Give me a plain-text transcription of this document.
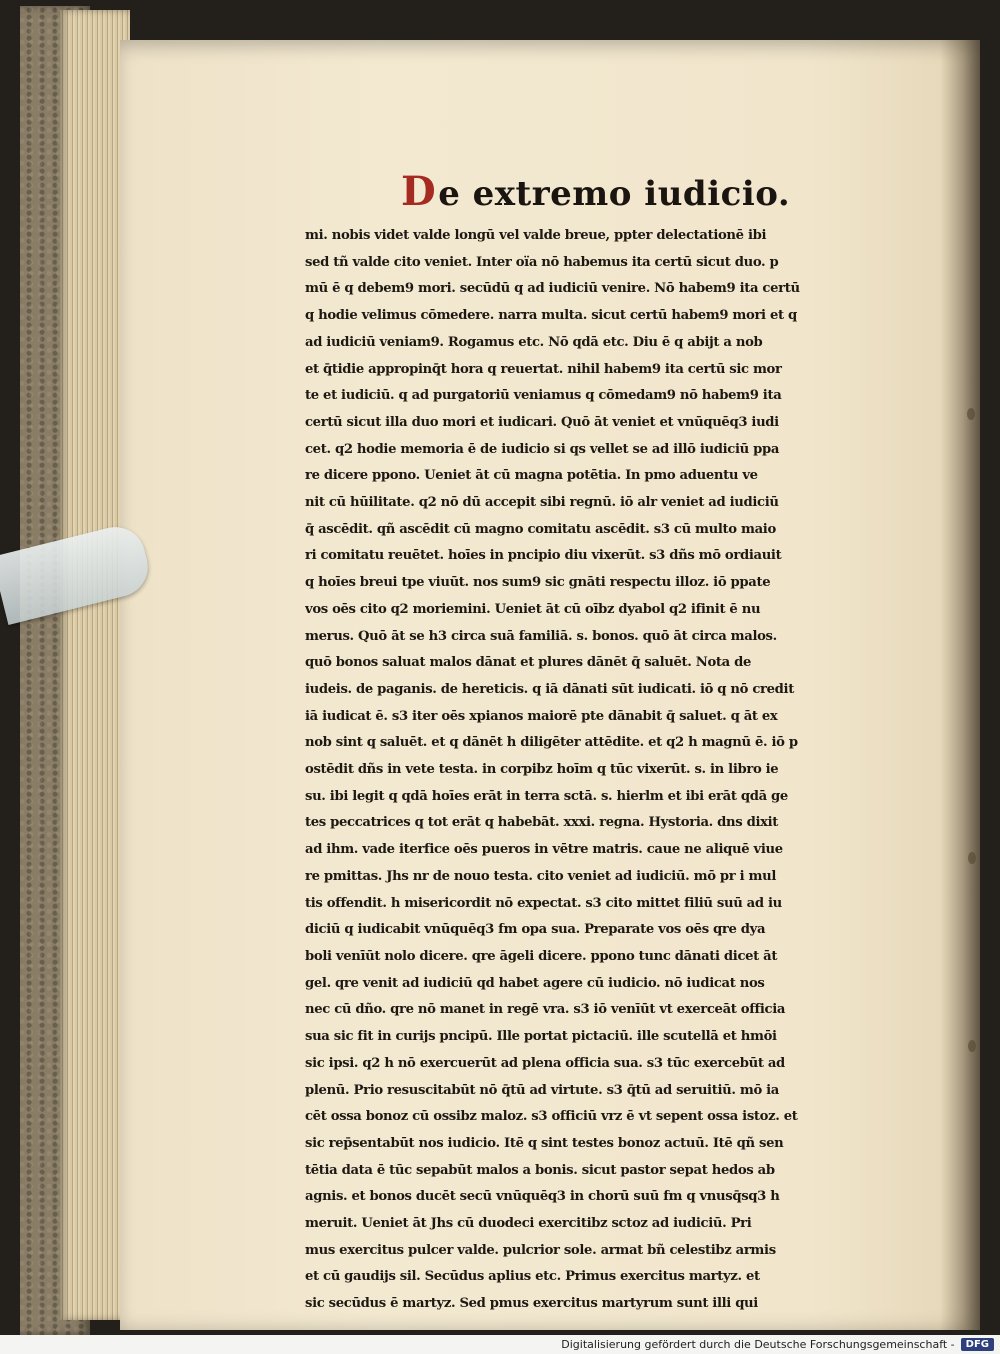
D e extremo iudicio.
mi. nobis videt valde longū vel valde breue, ppter delectationē ibi
sed tñ valde cito veniet. Inter oïa nō habemus ita certū sicut duo. p
mū ē q debem9 mori. secūdū q ad iudiciū venire. Nō habem9 ita certū
q hodie velimus cōmedere. narra multa. sicut certū habem9 mori et q
ad iudiciū veniam9. Rogamus etc. Nō qdā etc. Diu ē q abijt a nob
et q̄tidie appropinq̄t hora q reuertat. nihil habem9 ita certū sic mor
te et iudiciū. q ad purgatoriū veniamus q cōmedam9 nō habem9 ita
certū sicut illa duo mori et iudicari. Quō āt veniet et vnūquēq3 iudi
cet. q2 hodie memoria ē de iudicio si qs vellet se ad illō iudiciū ppa
re dicere ppono. Ueniet āt cū magna potētia. In pmo aduentu ve
nit cū hūilitate. q2 nō dū accepit sibi regnū. iō alr veniet ad iudiciū
q̄ ascēdit. qñ ascēdit cū magno comitatu ascēdit. s3 cū multo maio
ri comitatu reuētet. hoīes in pncipio diu vixerūt. s3 dñs mō ordiauit
q hoīes breui tpe viuūt. nos sum9 sic gnāti respectu illoz. iō ppate
vos oēs cito q2 moriemini. Ueniet āt cū oībz dyabol q2 ifinit ē nu
merus. Quō āt se h3 circa suā familiā. s. bonos. quō āt circa malos.
quō bonos saluat malos dānat et plures dānēt q̄ saluēt. Nota de
iudeis. de paganis. de hereticis. q iā dānati sūt iudicati. iō q nō credit
iā iudicat ē. s3 iter oēs xpianos maiorē pte dānabit q̄ saluet. q āt ex
nob sint q saluēt. et q dānēt h diligēter attēdite. et q2 h magnū ē. iō p
ostēdit dñs in vete testa. in corpibz hoīm q tūc vixerūt. s. in libro ie
su. ibi legit q qdā hoīes erāt in terra sctā. s. hierlm et ibi erāt qdā ge
tes peccatrices q tot erāt q habebāt. xxxi. regna. Hystoria. dns dixit
ad ihm. vade iterfice oēs pueros in vētre matris. caue ne aliquē viue
re pmittas. Jhs nr de nouo testa. cito veniet ad iudiciū. mō pr i mul
tis offendit. h misericordit nō expectat. s3 cito mittet filiū suū ad iu
diciū q iudicabit vnūquēq3 fm opa sua. Preparate vos oēs qre dya
boli venīūt nolo dicere. qre āgeli dicere. ppono tunc dānati dicet āt
gel. qre venit ad iudiciū qd habet agere cū iudicio. nō iudicat nos
nec cū dño. qre nō manet in regē vra. s3 iō venīūt vt exerceāt officia
sua sic fit in curijs pncipū. Ille portat pictaciū. ille scutellā et hmōi
sic ipsi. q2 h nō exercuerūt ad plena officia sua. s3 tūc exercebūt ad
plenū. Prio resuscitabūt nō q̄tū ad virtute. s3 q̄tū ad seruitiū. mō ia
cēt ossa bonoz cū ossibz maloz. s3 officiū vrz ē vt sepent ossa istoz. et
sic rep̄sentabūt nos iudicio. Itē q sint testes bonoz actuū. Itē qñ sen
tētia data ē tūc sepabūt malos a bonis. sicut pastor sepat hedos ab
agnis. et bonos ducēt secū vnūquēq3 in chorū suū fm q vnusq̄sq3 h
meruit. Ueniet āt Jhs cū duodeci exercitibz sctoz ad iudiciū. Pri
mus exercitus pulcer valde. pulcrior sole. armat bñ celestibz armis
et cū gaudijs sil. Secūdus aplius etc. Primus exercitus martyz. et
sic secūdus ē martyz. Sed pmus exercitus martyrum sunt illi qui
Digitalisierung gefördert durch die Deutsche Forschungsgemeinschaft -	DFG
